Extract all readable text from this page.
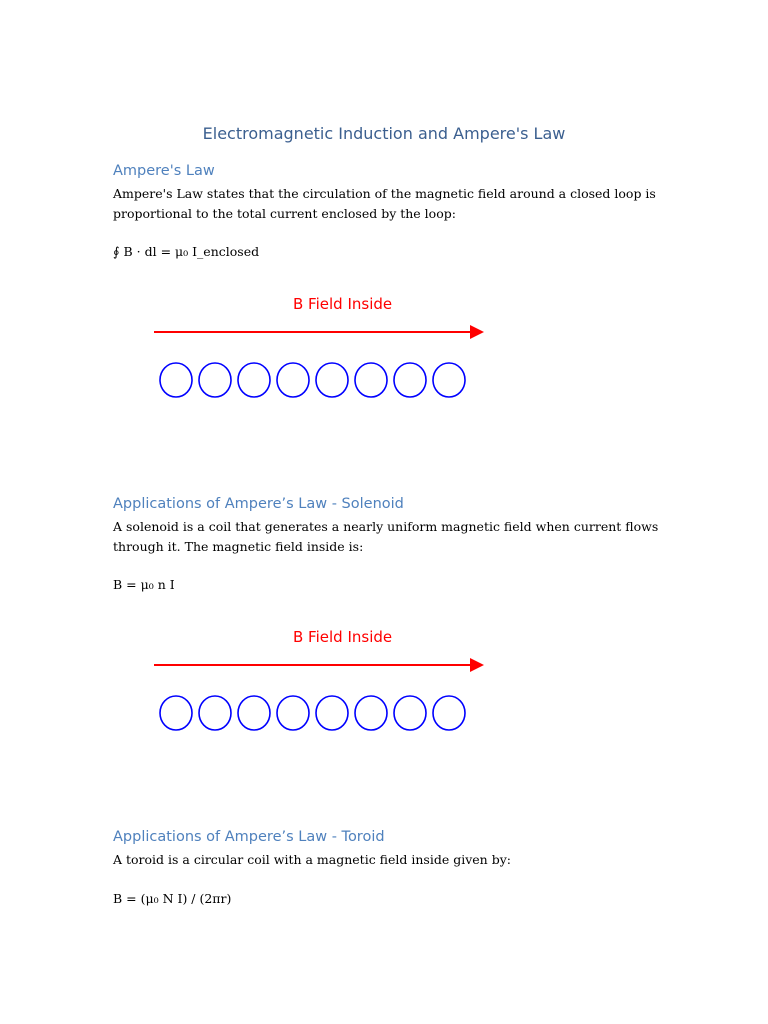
Electromagnetic Induction and Ampere's Law
Ampere's Law

Ampere's Law states that the circulation of the magnetic field around a closed loop is proportional to the total current enclosed by the loop:

∮ B · dl = μ₀ I_enclosed

B Field Inside
Applications of Ampere’s Law - Solenoid

A solenoid is a coil that generates a nearly uniform magnetic field when current flows through it. The magnetic field inside is:

B = μ₀ n I

B Field Inside
Applications of Ampere’s Law - Toroid

A toroid is a circular coil with a magnetic field inside given by:

B = (μ₀ N I) / (2πr)
